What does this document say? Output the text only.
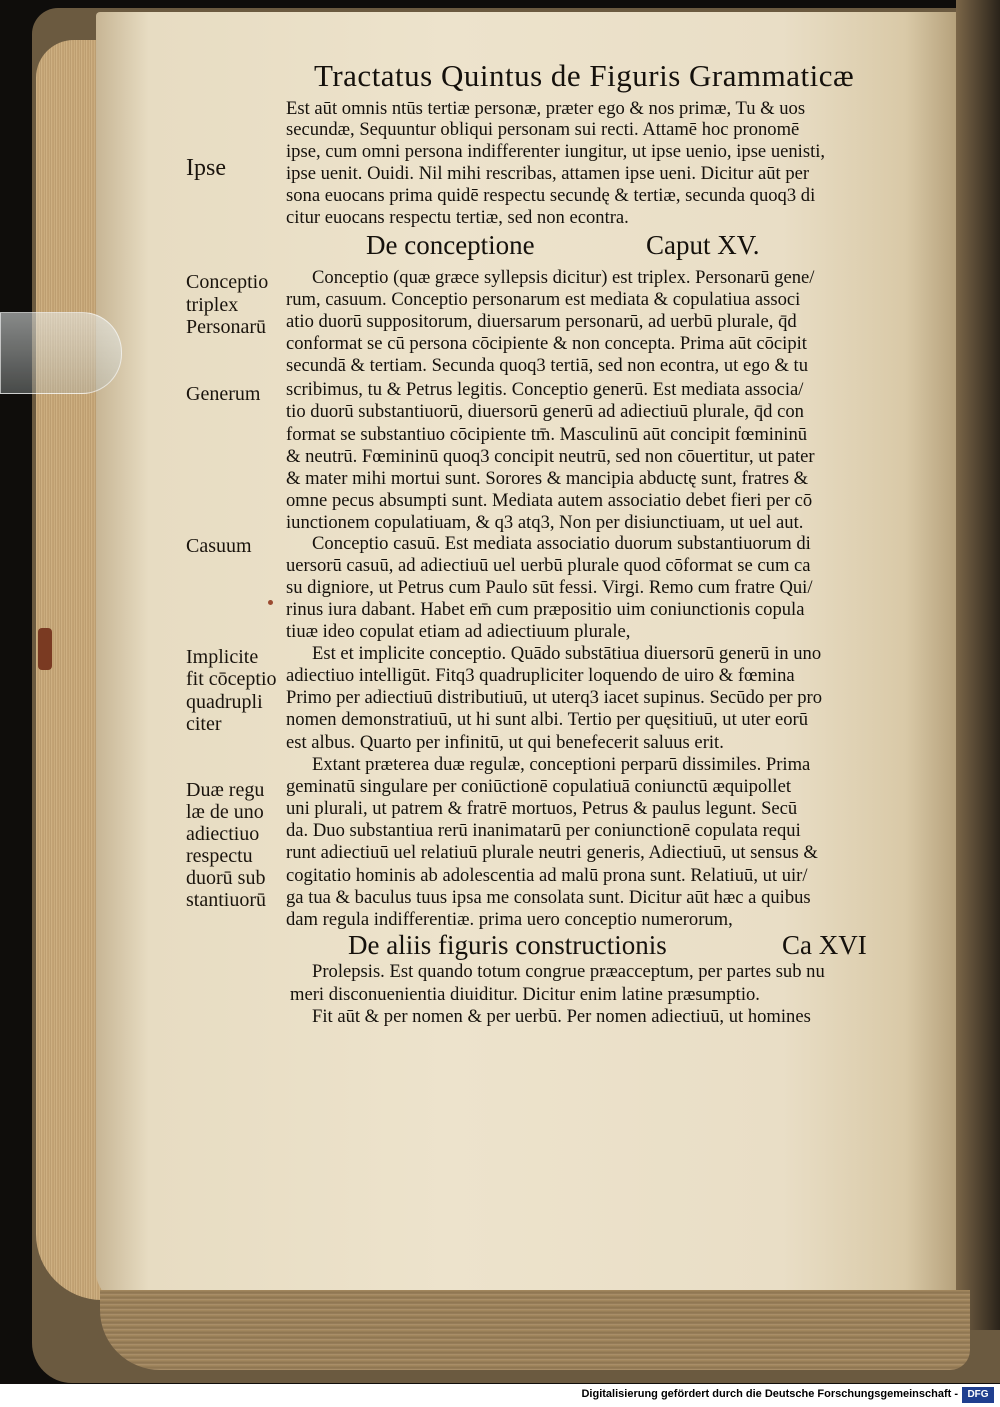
Tractatus Quintus de Figuris Grammaticæ
De conceptione	Caput XV.
De aliis figuris constructionis	Ca XVI
Ipse
Conceptio
triplex
Personarū
Generum
Casuum
Implicite
fit cōceptio
quadrupli
citer
Duæ regu
læ de uno
adiectiuo
respectu
duorū sub
stantiuorū
Est aūt omnis ntūs tertiæ personæ, præter ego & nos primæ, Tu & uos
secundæ, Sequuntur obliqui personam sui recti. Attamē hoc pronomē
ipse, cum omni persona indifferenter iungitur, ut ipse uenio, ipse uenisti,
ipse uenit. Ouidi. Nil mihi rescribas, attamen ipse ueni. Dicitur aūt per
sona euocans prima quidē respectu secundę & tertiæ, secunda quoq3 di
citur euocans respectu tertiæ, sed non econtra.
Conceptio (quæ græce syllepsis dicitur) est triplex. Personarū gene/
rum, casuum. Conceptio personarum est mediata & copulatiua associ
atio duorū suppositorum, diuersarum personarū, ad uerbū plurale, q̄d
conformat se cū persona cōcipiente & non concepta. Prima aūt cōcipit
secundā & tertiam. Secunda quoq3 tertiā, sed non econtra, ut ego & tu
scribimus, tu & Petrus legitis. Conceptio generū. Est mediata associa/
tio duorū substantiuorū, diuersorū generū ad adiectiuū plurale, q̄d con
format se substantiuo cōcipiente tm̄. Masculinū aūt concipit fœmininū
& neutrū. Fœmininū quoq3 concipit neutrū, sed non cōuertitur, ut pater
& mater mihi mortui sunt. Sorores & mancipia abductę sunt, fratres &
omne pecus absumpti sunt. Mediata autem associatio debet fieri per cō
iunctionem copulatiuam, & q3 atq3, Non per disiunctiuam, ut uel aut.
Conceptio casuū. Est mediata associatio duorum substantiuorum di
uersorū casuū, ad adiectiuū uel uerbū plurale quod cōformat se cum ca
su digniore, ut Petrus cum Paulo sūt fessi. Virgi. Remo cum fratre Qui/
rinus iura dabant. Habet em̄ cum præpositio uim coniunctionis copula
tiuæ ideo copulat etiam ad adiectiuum plurale,
Est et implicite conceptio. Quādo substātiua diuersorū generū in uno
adiectiuo intelligūt. Fitq3 quadrupliciter loquendo de uiro & fœmina
Primo per adiectiuū distributiuū, ut uterq3 iacet supinus. Secūdo per pro
nomen demonstratiuū, ut hi sunt albi. Tertio per quęsitiuū, ut uter eorū
est albus. Quarto per infinitū, ut qui benefecerit saluus erit.
Extant præterea duæ regulæ, conceptioni perparū dissimiles. Prima
geminatū singulare per coniūctionē copulatiuā coniunctū æquipollet
uni plurali, ut patrem & fratrē mortuos, Petrus & paulus legunt. Secū
da. Duo substantiua rerū inanimatarū per coniunctionē copulata requi
runt adiectiuū uel relatiuū plurale neutri generis, Adiectiuū, ut sensus &
cogitatio hominis ab adolescentia ad malū prona sunt. Relatiuū, ut uir/
ga tua & baculus tuus ipsa me consolata sunt. Dicitur aūt hæc a quibus
dam regula indifferentiæ. prima uero conceptio numerorum,
Prolepsis. Est quando totum congrue præacceptum, per partes sub nu
meri disconuenientia diuiditur. Dicitur enim latine præsumptio.
Fit aūt & per nomen & per uerbū. Per nomen adiectiuū, ut homines
Digitalisierung gefördert durch die Deutsche Forschungsgemeinschaft - DFG
